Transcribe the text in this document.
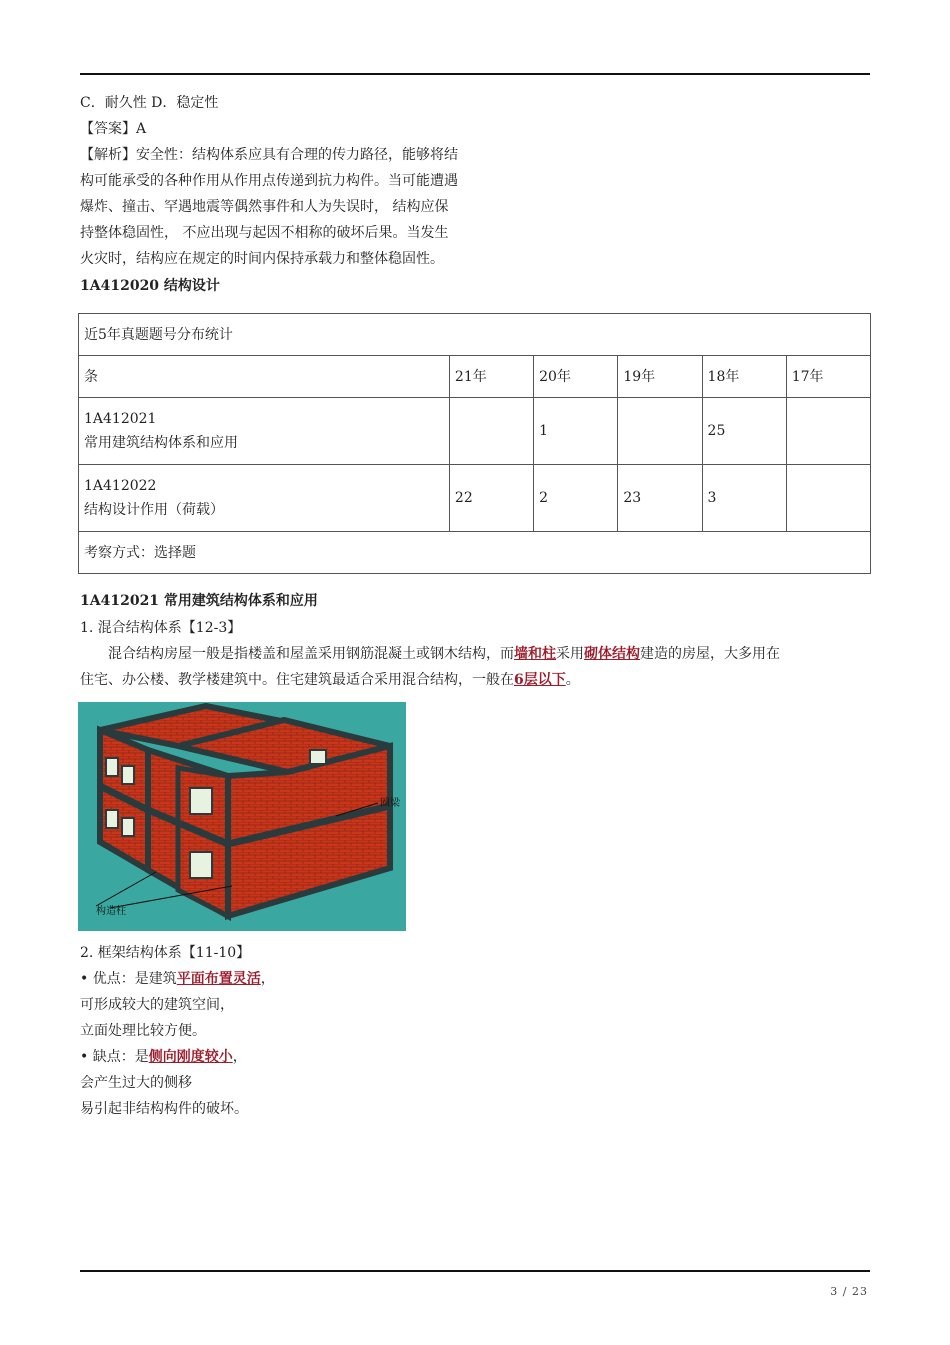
C．耐久性 D．稳定性
【答案】A
【解析】安全性：结构体系应具有合理的传力路径，能够将结
构可能承受的各种作用从作用点传递到抗力构件。当可能遭遇
爆炸、撞击、罕遇地震等偶然事件和人为失误时， 结构应保
持整体稳固性， 不应出现与起因不相称的破坏后果。当发生
火灾时，结构应在规定的时间内保持承载力和整体稳固性。
1A412020 结构设计
近5年真题题号分布统计					
条	21年	20年	19年	18年	17年

1A412021
常用建筑结构体系和应用		1		25	

1A412022
结构设计作用（荷载）	22	2	23	3	
考察方式：选择题					
1A412021 常用建筑结构体系和应用
1. 混合结构体系【12-3】
混合结构房屋一般是指楼盖和屋盖采用钢筋混凝土或钢木结构，而墙和柱采用砌体结构建造的房屋，大多用在
住宅、办公楼、教学楼建筑中。住宅建筑最适合采用混合结构，一般在6层以下。
圈梁
构造柱
2. 框架结构体系【11-10】
• 优点：是建筑平面布置灵活，
可形成较大的建筑空间，
立面处理比较方便。
• 缺点：是侧向刚度较小，
会产生过大的侧移
易引起非结构构件的破坏。
3 / 23
